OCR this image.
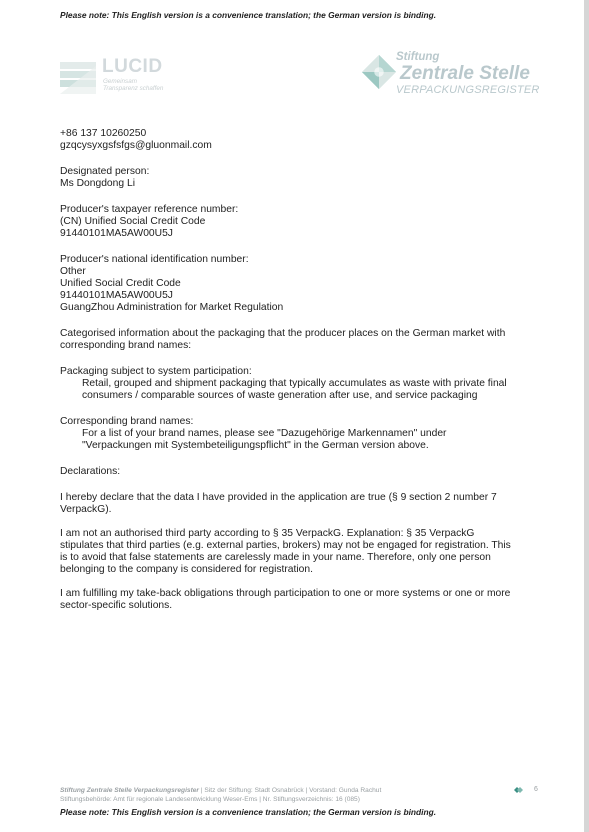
Please note: This English version is a convenience translation; the German version is binding.
LUCID
Gemeinsam
Transparenz schaffen
Stiftung
Zentrale Stelle
VERPACKUNGSREGISTER

+86 137 10260250

gzqcysyxgsfsfgs@gluonmail.com

Designated person:

Ms Dongdong Li

Producer's taxpayer reference number:

(CN) Unified Social Credit Code

91440101MA5AW00U5J

Producer's national identification number:

Other

Unified Social Credit Code

91440101MA5AW00U5J

GuangZhou Administration for Market Regulation

Categorised information about the packaging that the producer places on the German market with

corresponding brand names:

Packaging subject to system participation:

Retail, grouped and shipment packaging that typically accumulates as waste with private final

consumers / comparable sources of waste generation after use, and service packaging

Corresponding brand names:

For a list of your brand names, please see "Dazugehörige Markennamen" under

"Verpackungen mit Systembeteiligungspflicht" in the German version above.

Declarations:

I hereby declare that the data I have provided in the application are true (§ 9 section 2 number 7

VerpackG).

I am not an authorised third party according to § 35 VerpackG. Explanation: § 35 VerpackG

stipulates that third parties (e.g. external parties, brokers) may not be engaged for registration. This

is to avoid that false statements are carelessly made in your name. Therefore, only one person

belonging to the company is considered for registration.

I am fulfilling my take-back obligations through participation to one or more systems or one or more

sector-specific solutions.

Stiftung Zentrale Stelle Verpackungsregister | Sitz der Stiftung: Stadt Osnabrück | Vorstand: Gunda Rachut
Stiftungsbehörde: Amt für regionale Landesentwicklung Weser-Ems | Nr. Stiftungsverzeichnis: 16 (085)
6
Please note: This English version is a convenience translation; the German version is binding.
